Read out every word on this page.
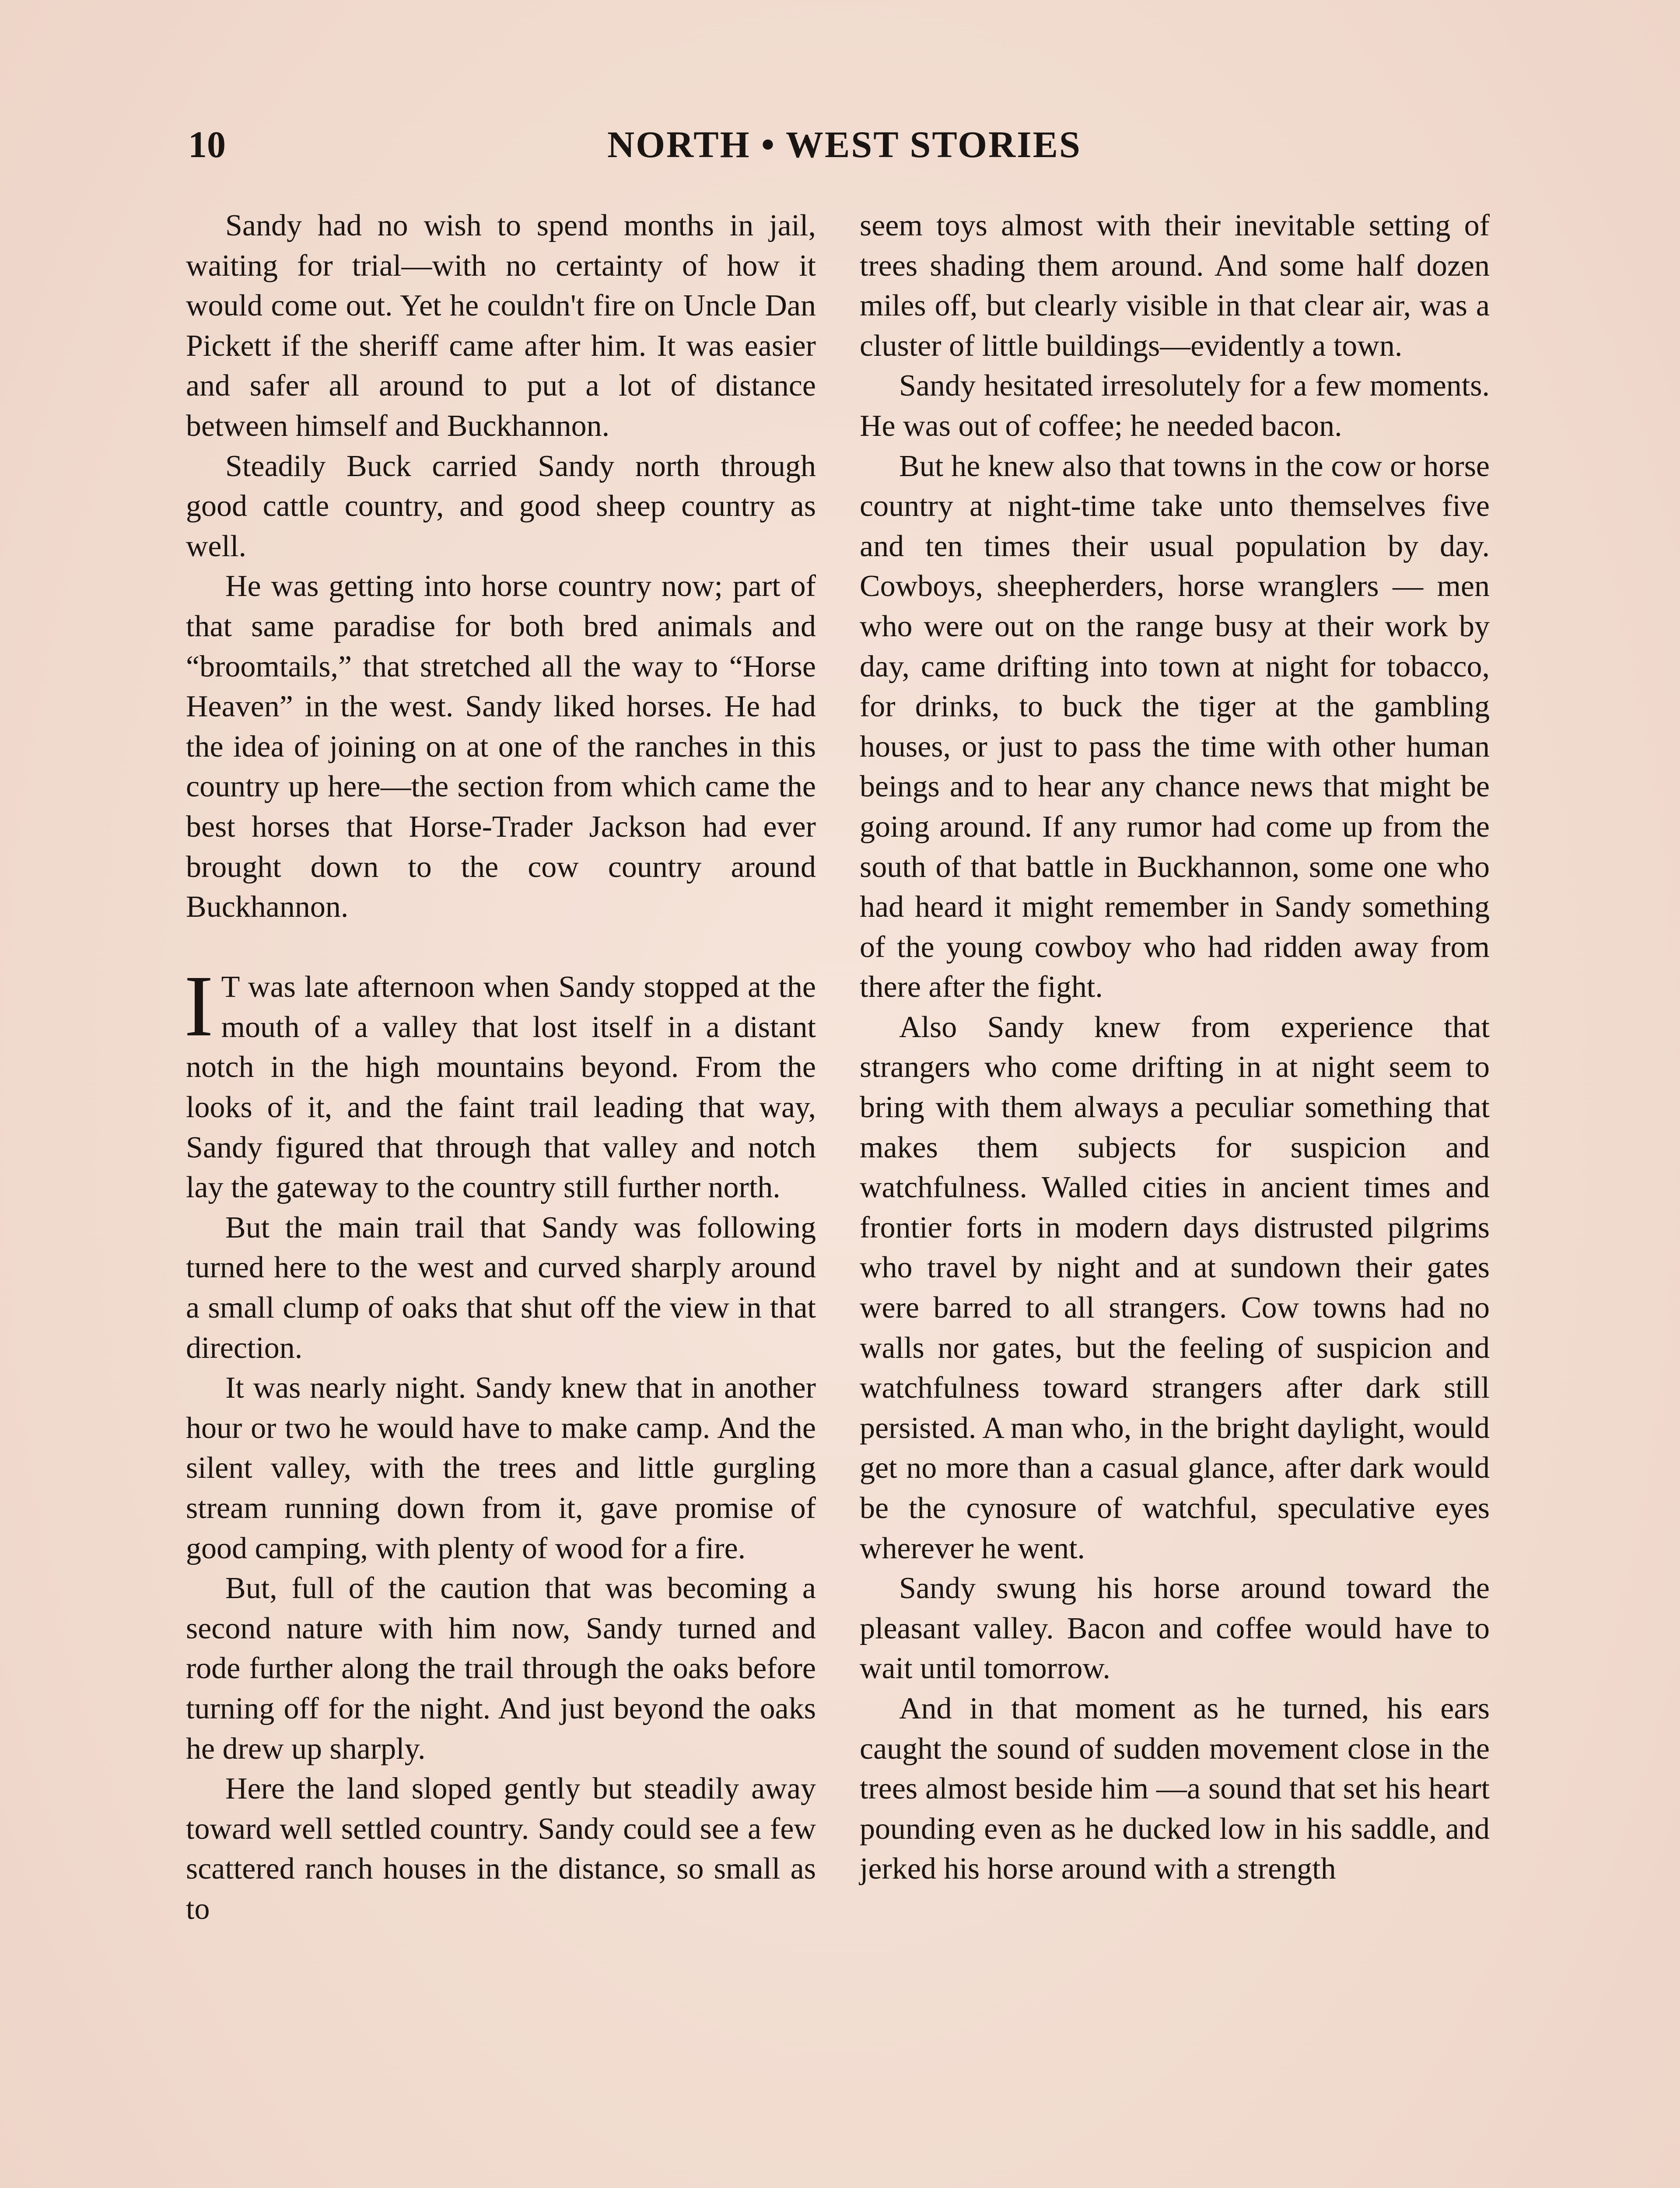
10	NORTH • WEST STORIES

Sandy had no wish to spend months in jail, waiting for trial—with no certainty of how it would come out. Yet he couldn't fire on Uncle Dan Pickett if the sheriff came after him. It was easier and safer all around to put a lot of distance between himself and Buckhannon.

Steadily Buck carried Sandy north through good cattle country, and good sheep country as well.

He was getting into horse country now; part of that same paradise for both bred animals and “broomtails,” that stretched all the way to “Horse Heaven” in the west. Sandy liked horses. He had the idea of joining on at one of the ranches in this country up here—the section from which came the best horses that Horse-Trader Jackson had ever brought down to the cow country around Buckhannon.

I T was late afternoon when Sandy stopped at the mouth of a valley that lost itself in a distant notch in the high mountains beyond. From the looks of it, and the faint trail leading that way, Sandy figured that through that valley and notch lay the gateway to the country still further north.

But the main trail that Sandy was following turned here to the west and curved sharply around a small clump of oaks that shut off the view in that direction.

It was nearly night. Sandy knew that in another hour or two he would have to make camp. And the silent valley, with the trees and little gurgling stream running down from it, gave promise of good camping, with plenty of wood for a fire.

But, full of the caution that was becoming a second nature with him now, Sandy turned and rode further along the trail through the oaks before turning off for the night. And just beyond the oaks he drew up sharply.

Here the land sloped gently but steadily away toward well settled country. Sandy could see a few scattered ranch houses in the distance, so small as to

seem toys almost with their inevitable setting of trees shading them around. And some half dozen miles off, but clearly visible in that clear air, was a cluster of little buildings—evidently a town.

Sandy hesitated irresolutely for a few moments. He was out of coffee; he needed bacon.

But he knew also that towns in the cow or horse country at night-time take unto themselves five and ten times their usual population by day. Cowboys, sheepherders, horse wranglers — men who were out on the range busy at their work by day, came drifting into town at night for tobacco, for drinks, to buck the tiger at the gambling houses, or just to pass the time with other human beings and to hear any chance news that might be going around. If any rumor had come up from the south of that battle in Buckhannon, some one who had heard it might remember in Sandy something of the young cowboy who had ridden away from there after the fight.

Also Sandy knew from experience that strangers who come drifting in at night seem to bring with them always a peculiar something that makes them subjects for suspicion and watchfulness. Walled cities in ancient times and frontier forts in modern days distrusted pilgrims who travel by night and at sundown their gates were barred to all strangers. Cow towns had no walls nor gates, but the feeling of suspicion and watchfulness toward strangers after dark still persisted. A man who, in the bright daylight, would get no more than a casual glance, after dark would be the cynosure of watchful, speculative eyes wherever he went.

Sandy swung his horse around toward the pleasant valley. Bacon and coffee would have to wait until tomorrow.

And in that moment as he turned, his ears caught the sound of sudden movement close in the trees almost beside him —a sound that set his heart pounding even as he ducked low in his saddle, and jerked his horse around with a strength
